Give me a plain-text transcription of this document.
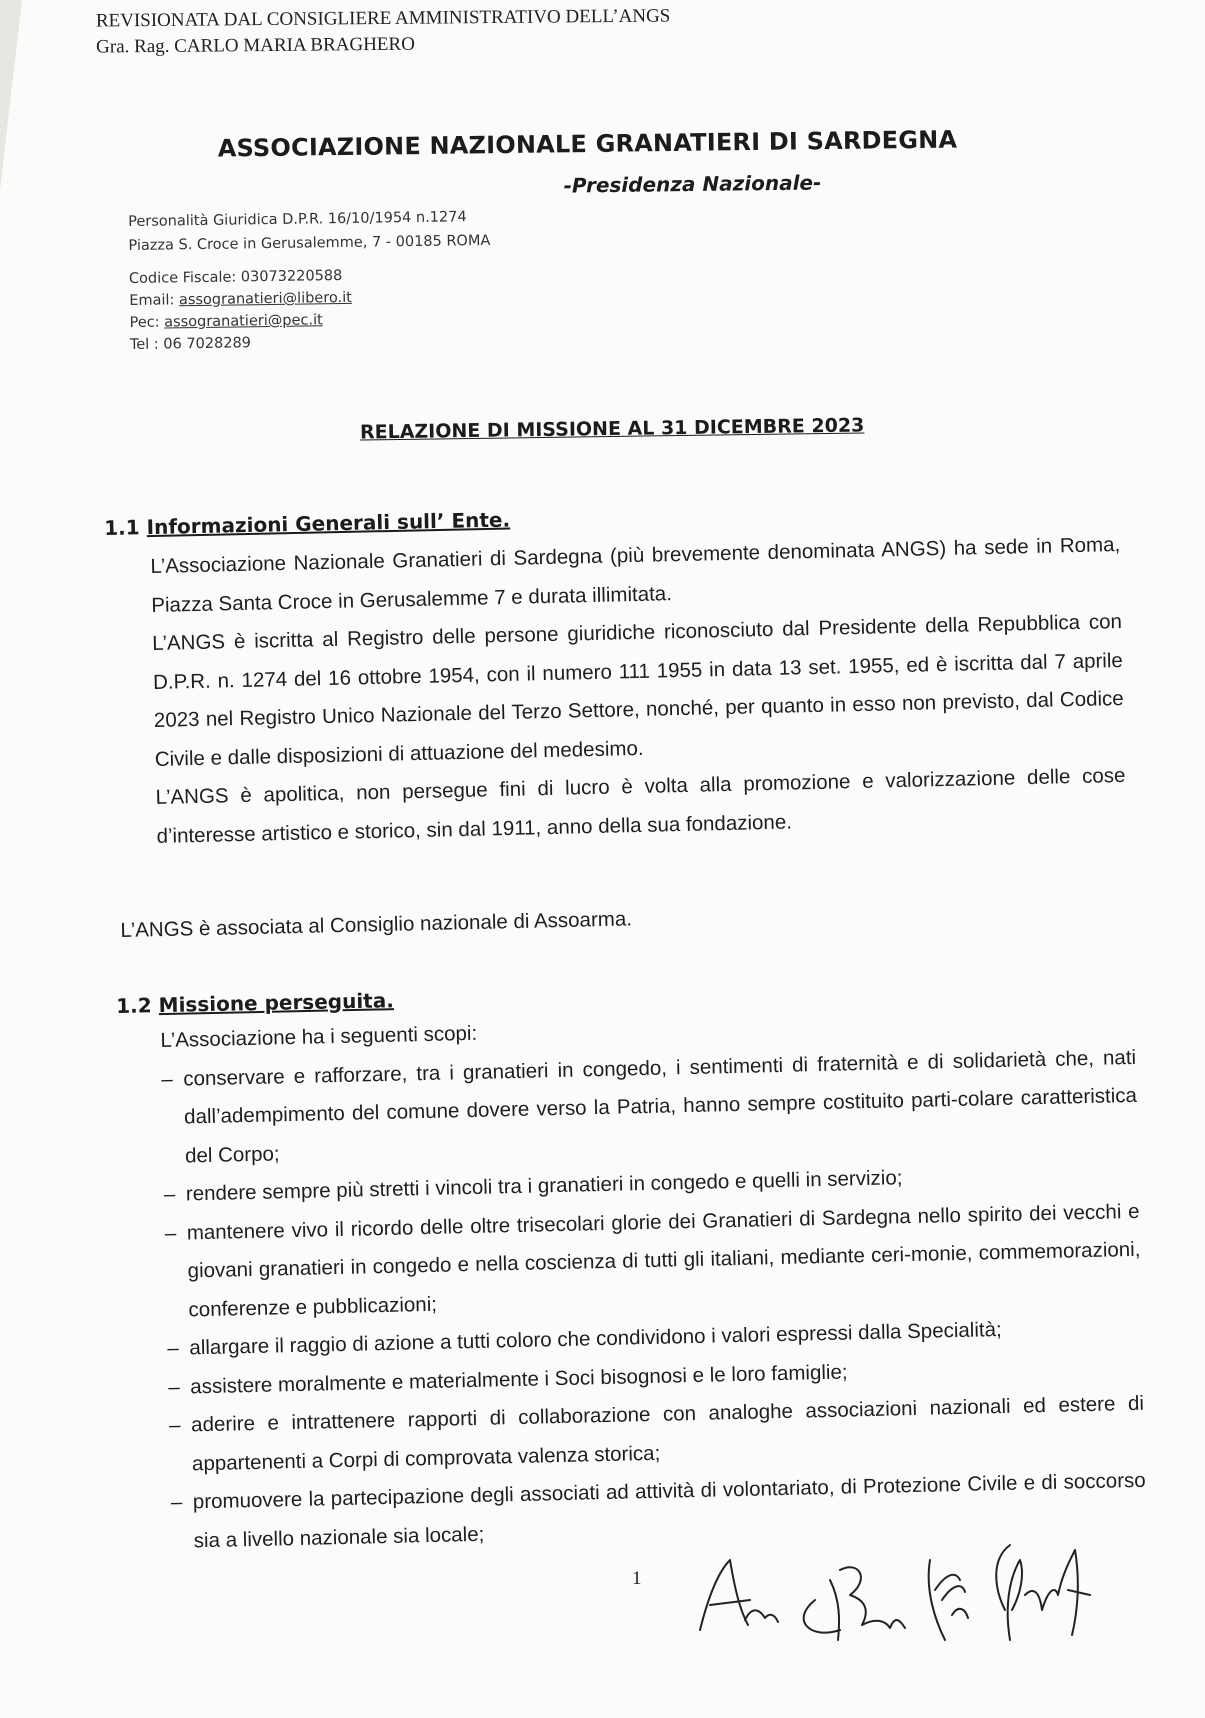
REVISIONATA DAL CONSIGLIERE AMMINISTRATIVO DELL’ANGS
Gra. Rag. CARLO MARIA BRAGHERO
ASSOCIAZIONE NAZIONALE GRANATIERI DI SARDEGNA
-Presidenza Nazionale-
Personalità Giuridica D.P.R. 16/10/1954 n.1274
Piazza S. Croce in Gerusalemme, 7 - 00185 ROMA
Codice Fiscale: 03073220588
Email: assogranatieri@libero.it
Pec: assogranatieri@pec.it
Tel : 06 7028289
RELAZIONE DI MISSIONE AL 31 DICEMBRE 2023
1.1 Informazioni Generali sull’ Ente.

L’Associazione Nazionale Granatieri di Sardegna (più brevemente denominata ANGS) ha sede in Roma, Piazza Santa Croce in Gerusalemme 7 e durata illimitata.

L’ANGS è iscritta al Registro delle persone giuridiche riconosciuto dal Presidente della Repubblica con D.P.R. n. 1274 del 16 ottobre 1954, con il numero 111 1955 in data 13 set. 1955, ed è iscritta dal 7 aprile 2023 nel Registro Unico Nazionale del Terzo Settore, nonché, per quanto in esso non previsto, dal Codice Civile e dalle disposizioni di attuazione del medesimo.

L’ANGS è apolitica, non persegue fini di lucro è volta alla promozione e valorizzazione delle cose d’interesse artistico e storico, sin dal 1911, anno della sua fondazione.

L’ANGS è associata al Consiglio nazionale di Assoarma.

1.2 Missione perseguita.

L’Associazione ha i seguenti scopi:

– conservare e rafforzare, tra i granatieri in congedo, i sentimenti di fraternità e di solidarietà che, nati dall’adempimento del comune dovere verso la Patria, hanno sempre costituito parti-colare caratteristica del Corpo;

– rendere sempre più stretti i vincoli tra i granatieri in congedo e quelli in servizio;

– mantenere vivo il ricordo delle oltre trisecolari glorie dei Granatieri di Sardegna nello spirito dei vecchi e giovani granatieri in congedo e nella coscienza di tutti gli italiani, mediante ceri-monie, commemorazioni, conferenze e pubblicazioni;

– allargare il raggio di azione a tutti coloro che condividono i valori espressi dalla Specialità;

– assistere moralmente e materialmente i Soci bisognosi e le loro famiglie;

– aderire e intrattenere rapporti di collaborazione con analoghe associazioni nazionali ed estere di appartenenti a Corpi di comprovata valenza storica;

– promuovere la partecipazione degli associati ad attività di volontariato, di Protezione Civile e di soccorso sia a livello nazionale sia locale;

1
